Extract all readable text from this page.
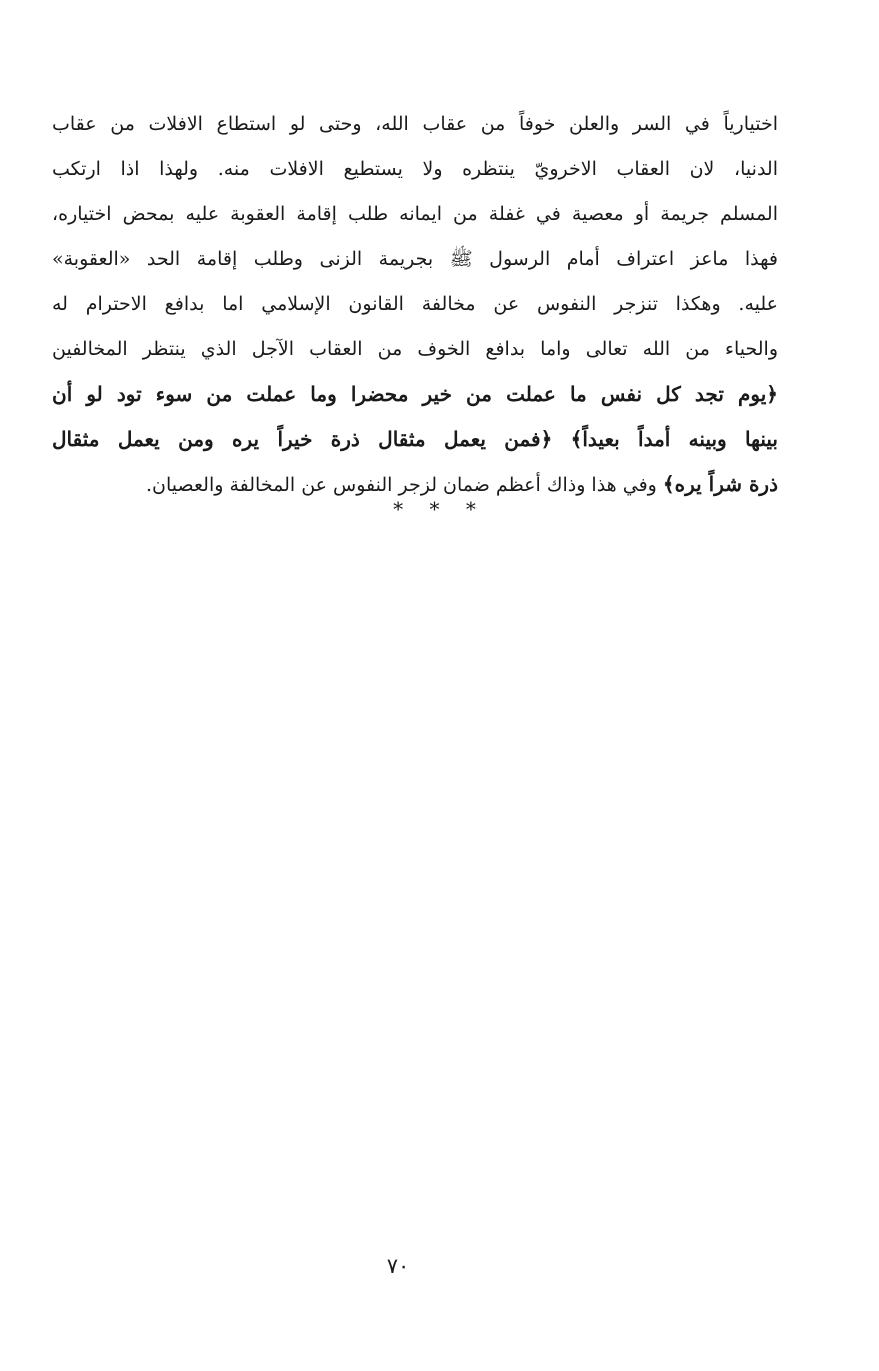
اختيارياً في السر والعلن خوفاً من عقاب الله، وحتى لو استطاع الافلات من عقاب
الدنيا، لان العقاب الاخرويّ ينتظره ولا يستطيع الافلات منه. ولهذا اذا ارتكب
المسلم جريمة أو معصية في غفلة من ايمانه طلب إقامة العقوبة عليه بمحض اختياره،
فهذا ماعز اعتراف أمام الرسول ﷺ بجريمة الزنى وطلب إقامة الحد «العقوبة»
عليه. وهكذا تنزجر النفوس عن مخالفة القانون الإسلامي اما بدافع الاحترام له
والحياء من الله تعالى واما بدافع الخوف من العقاب الآجل الذي ينتظر المخالفين
﴿يوم تجد كل نفس ما عملت من خير محضرا وما عملت من سوء تود لو أن
بينها وبينه أمداً بعيداً﴾ ﴿فمن يعمل مثقال ذرة خيراً يره ومن يعمل مثقال
ذرة شراً يره﴾ وفي هذا وذاك أعظم ضمان لزجر النفوس عن المخالفة والعصيان.
* * *
٧٠
